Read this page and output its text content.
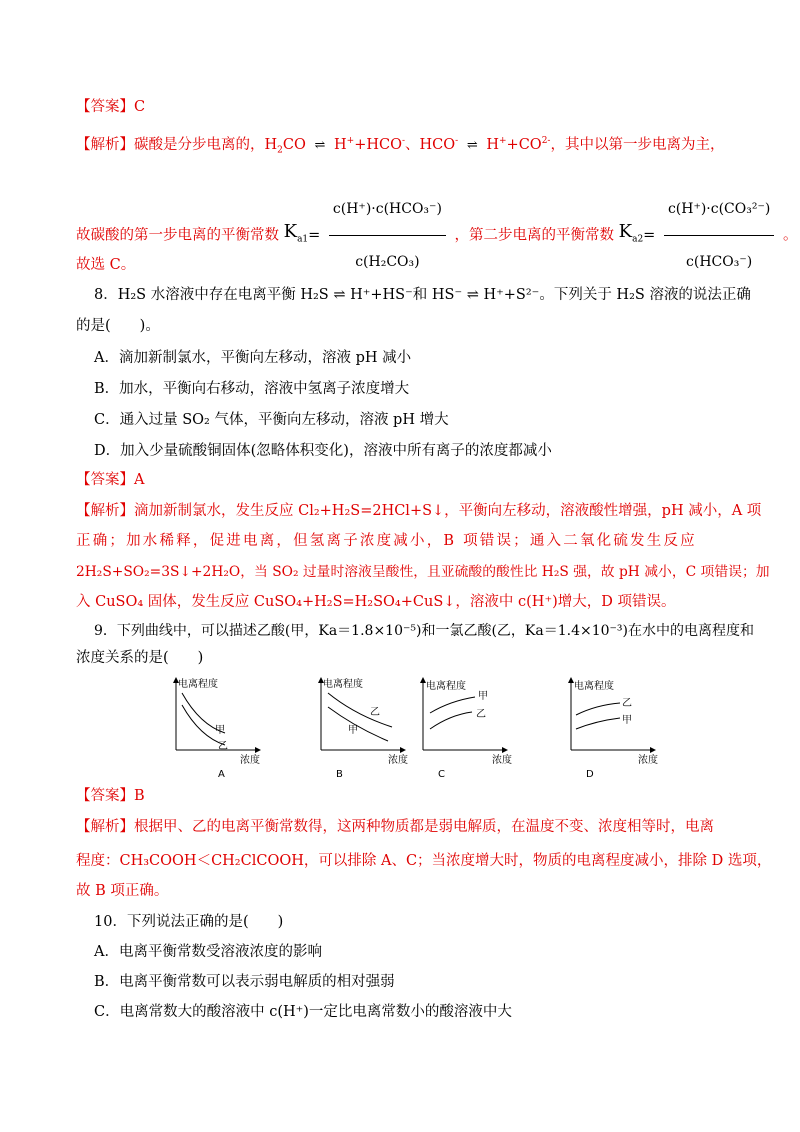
【答案】C
【解析】碳酸是分步电离的，$H_2CO$ ⇌ H++HCO-、HCO- ⇌ $H^++CO^{2-}$，其中以第一步电离为主，
故碳酸的第一步电离的平衡常数 $K_{a1}= \frac{\text{c(H⁺)·c(HCO₃⁻)}}{\text{c(H₂CO₃)}}$ ，第二步电离的平衡常数 $K_{a2}= \frac{\text{c(H⁺)·c(CO₃²⁻)}}{\text{c(HCO₃⁻)}}$ 。
故选 C。
8．H₂S 水溶液中存在电离平衡 H₂S ⇌ H⁺+HS⁻和 HS⁻ ⇌ H⁺+S²⁻。下列关于 H₂S 溶液的说法正确
的是(　　)。
A．滴加新制氯水，平衡向左移动，溶液 pH 减小
B．加水，平衡向右移动，溶液中氢离子浓度增大
C．通入过量 SO₂ 气体，平衡向左移动，溶液 pH 增大
D．加入少量硫酸铜固体(忽略体积变化)，溶液中所有离子的浓度都减小
【答案】A
【解析】滴加新制氯水，发生反应 Cl₂+H₂S=2HCl+S↓，平衡向左移动，溶液酸性增强，pH 减小，A 项
正确；加水稀释，促进电离，但氢离子浓度减小，B 项错误；通入二氧化硫发生反应
2H₂S+SO₂=3S↓+2H₂O，当 SO₂ 过量时溶液呈酸性，且亚硫酸的酸性比 H₂S 强，故 pH 减小，C 项错误；加
入 CuSO₄ 固体，发生反应 CuSO₄+H₂S=H₂SO₄+CuS↓，溶液中 c(H⁺)增大，D 项错误。
9．下列曲线中，可以描述乙酸(甲，Ka＝1.8×10⁻⁵)和一氯乙酸(乙，Ka＝1.4×10⁻³)在水中的电离程度和
浓度关系的是(　　)
电离程度
浓度
甲
乙
A
电离程度
浓度
乙
甲
B
电离程度
浓度
甲
乙
C
电离程度
浓度
乙
甲
D
【答案】B
【解析】根据甲、乙的电离平衡常数得，这两种物质都是弱电解质，在温度不变、浓度相等时，电离
程度：CH₃COOH＜CH₂ClCOOH，可以排除 A、C；当浓度增大时，物质的电离程度减小，排除 D 选项，
故 B 项正确。
10．下列说法正确的是(　　)
A．电离平衡常数受溶液浓度的影响
B．电离平衡常数可以表示弱电解质的相对强弱
C．电离常数大的酸溶液中 c(H⁺)一定比电离常数小的酸溶液中大
